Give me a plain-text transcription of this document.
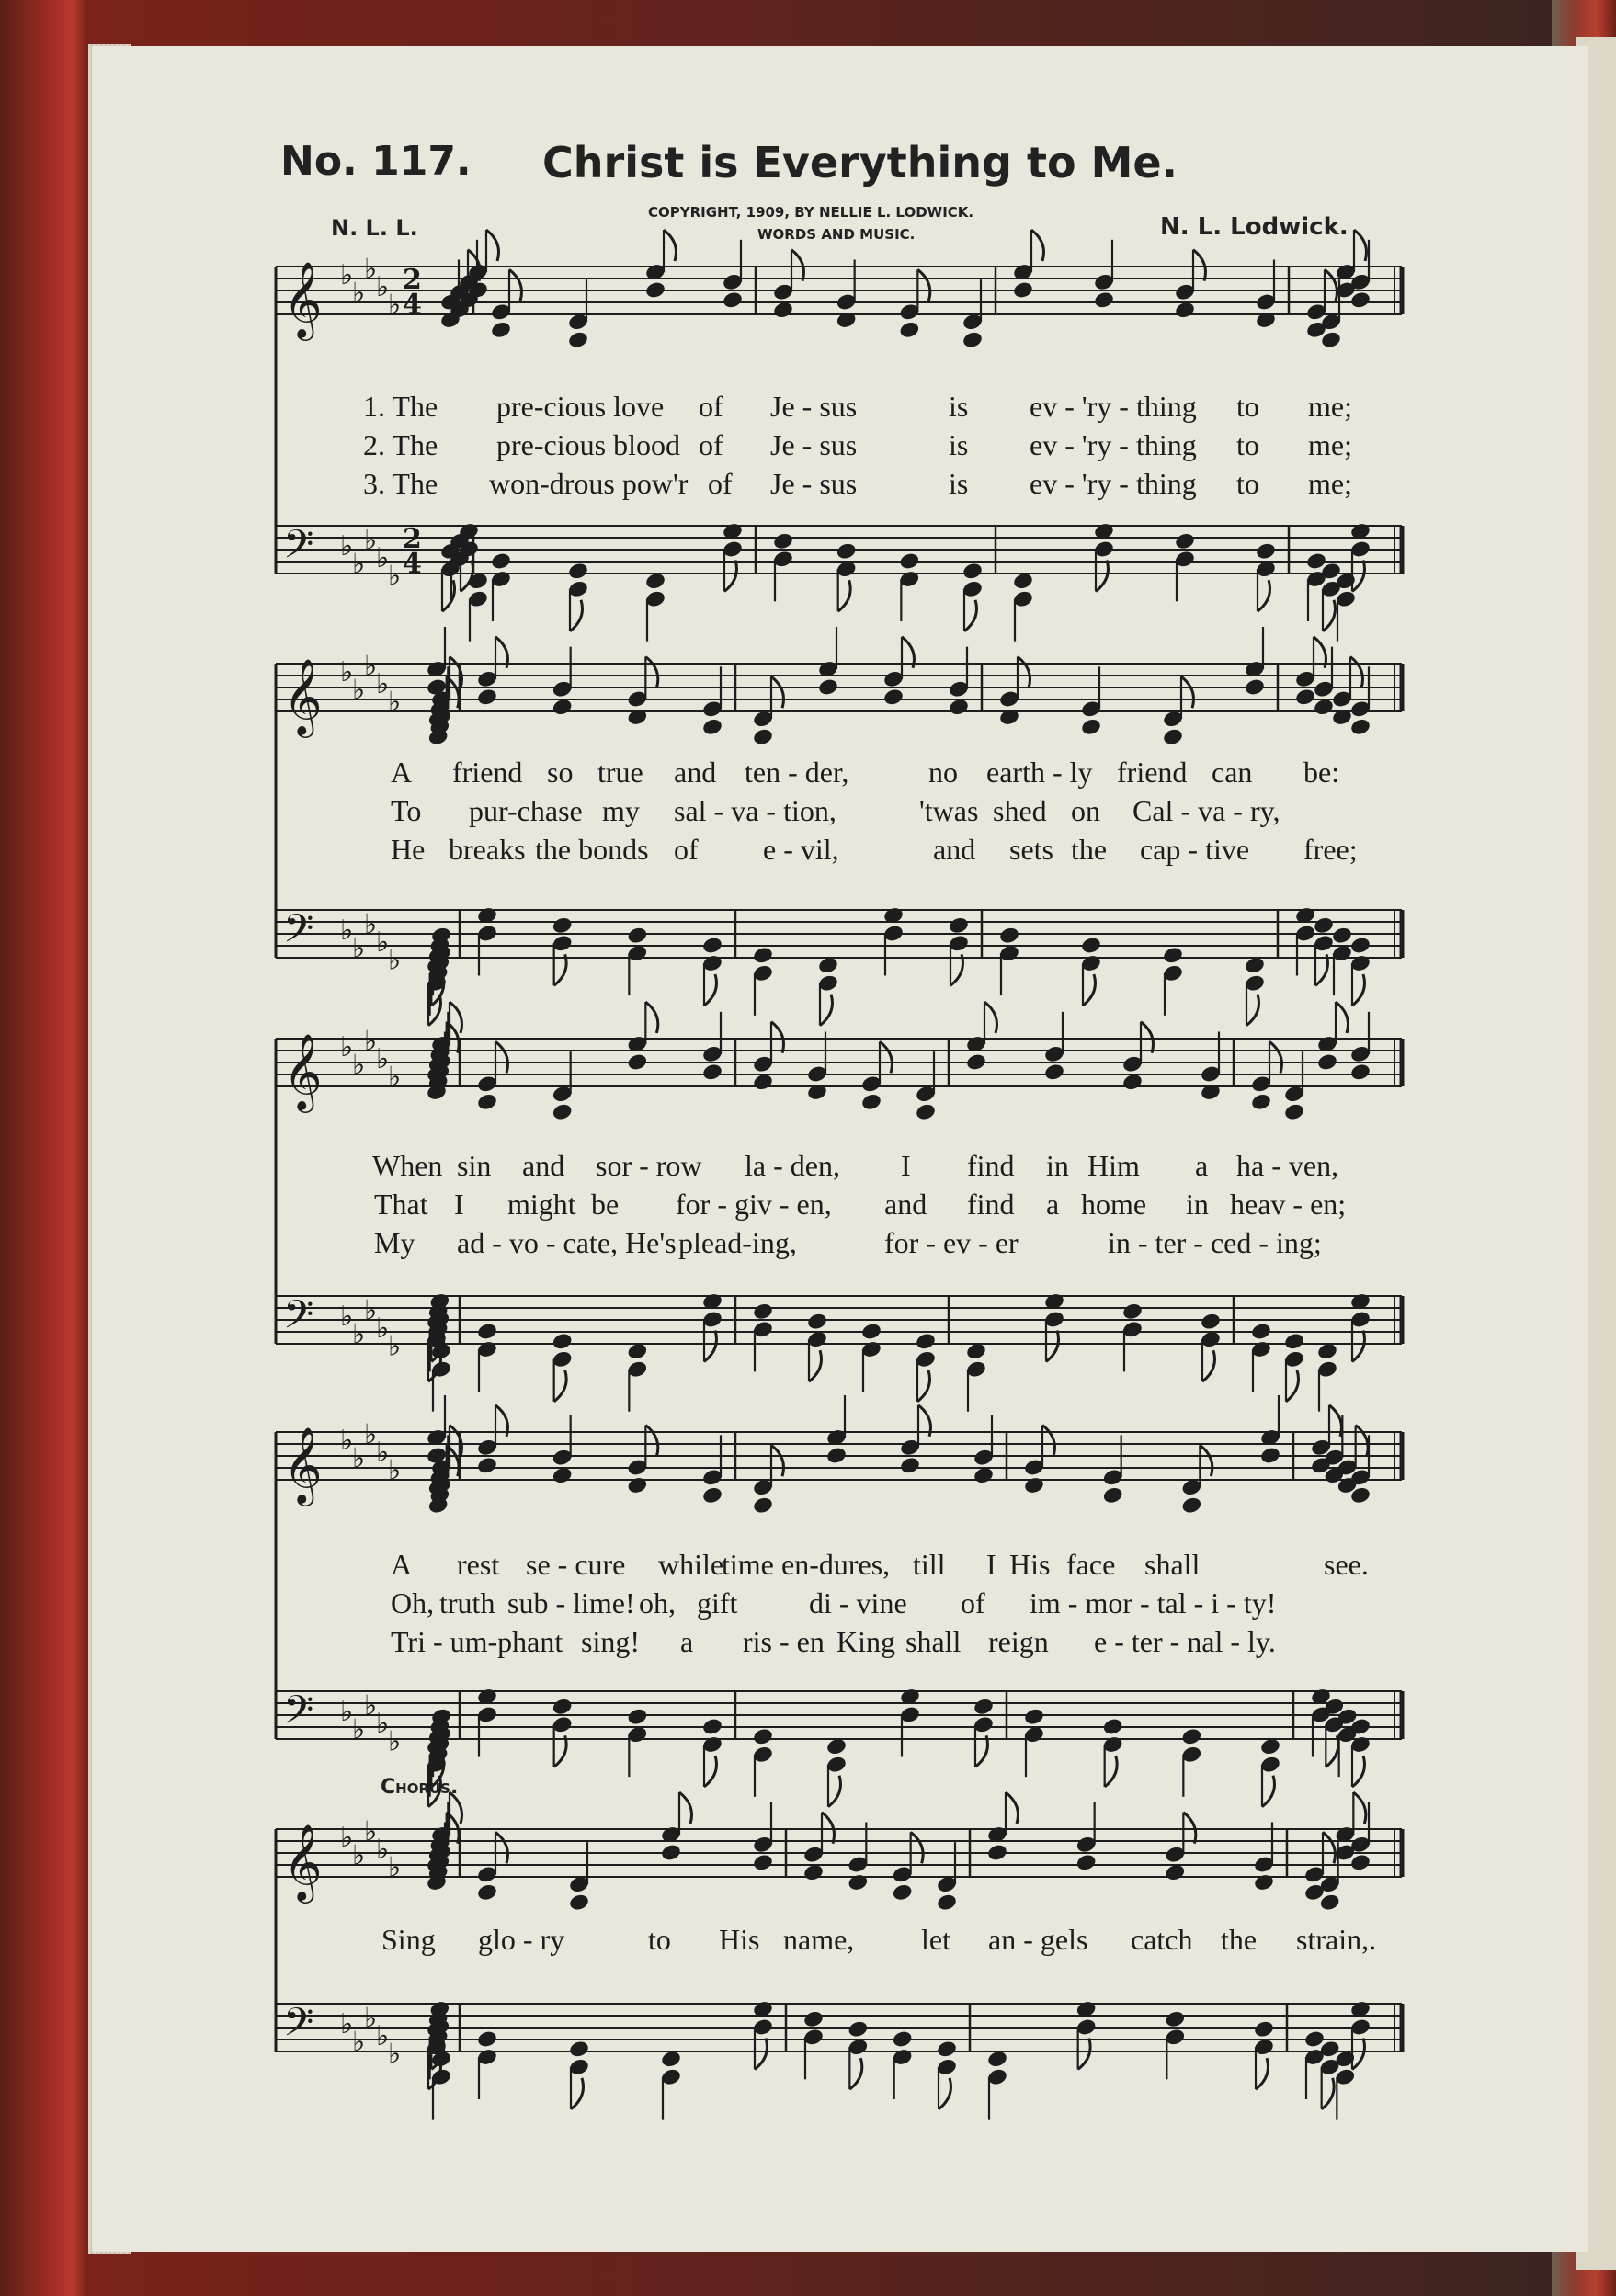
No. 117. Christ is Everything to Me.
N. L. L.
COPYRIGHT, 1909, BY NELLIE L. LODWICK.
WORDS AND MUSIC.	N. L. Lodwick.
Chorus.
𝄞 ♭
♭
♭
♭
♭
2
4
𝄢 ♭
♭
♭
♭
♭
2
4
𝄞 ♭
♭
♭
♭
♭
𝄢 ♭
♭
♭
♭
♭
𝄞 ♭
♭
♭
♭
♭
𝄢 ♭
♭
♭
♭
♭
𝄞 ♭
♭
♭
♭
♭
𝄢 ♭
♭
♭
♭
♭
𝄞 ♭
♭
♭
♭
♭
𝄢 ♭
♭
♭
♭
♭
1. The pre-cious love of Je - sus	is ev - 'ry - thing to me;
2. The pre-cious blood of Je - sus	is ev - 'ry - thing to me;
3. The won-drous pow'r of Je - sus	is ev - 'ry - thing to me;
A friend so true and ten - der,	no earth - ly friend can be:
To pur-chase my sal - va - tion,	'twas shed on Cal - va - ry,
He breaks the bonds of e - vil,	and sets the cap - tive free;
When sin and sor - row la - den, I find in Him a ha - ven,
That I might be for - giv - en, and find a home in heav - en;
My ad - vo - cate, He's plead-ing,	for - ev - er	in - ter - ced - ing;
A rest se - cure while
time en-dures, till I His face shall	see.
Oh, truth sub - lime! oh, gift di - vine of im - mor - tal - i - ty!
Tri - um-phant sing! a ris - en King shall reign e - ter - nal - ly.
Sing glo - ry	to His name, let an - gels catch the strain,.
